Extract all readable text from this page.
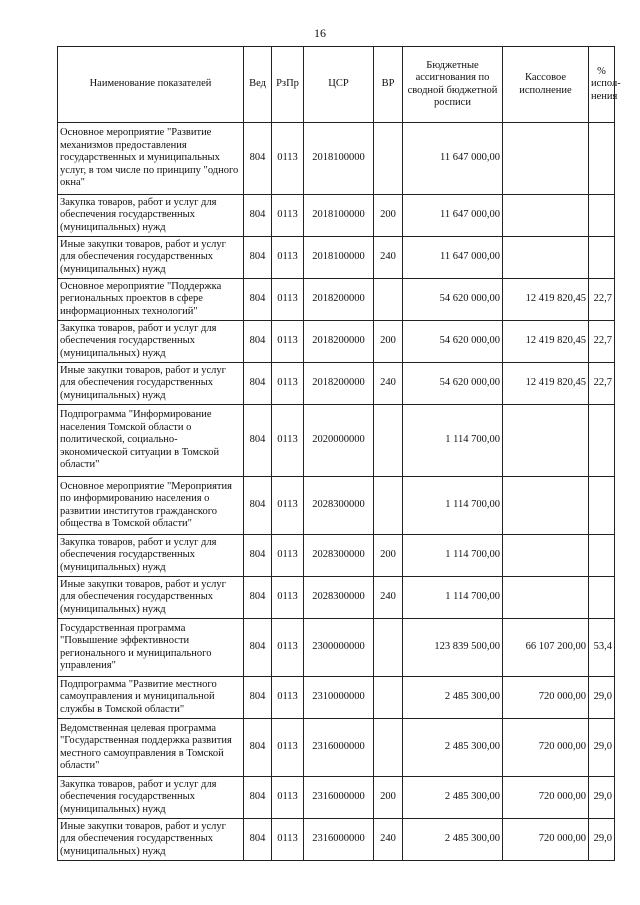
16
Наименование показателей	Вед	РзПр	ЦСР	ВР	Бюджетные ассигнования по сводной бюджетной росписи	Кассовое исполнение	% испол-нения
Основное мероприятие "Развитие механизмов предоставления государственных и муниципальных услуг, в том числе по принципу "одного окна"	804	0113	2018100000		11 647 000,00		
Закупка товаров, работ и услуг для обеспечения государственных (муниципальных) нужд	804	0113	2018100000	200	11 647 000,00		
Иные закупки товаров, работ и услуг для обеспечения государственных (муниципальных) нужд	804	0113	2018100000	240	11 647 000,00		
Основное мероприятие "Поддержка региональных проектов в сфере информационных технологий"	804	0113	2018200000		54 620 000,00	12 419 820,45	22,7
Закупка товаров, работ и услуг для обеспечения государственных (муниципальных) нужд	804	0113	2018200000	200	54 620 000,00	12 419 820,45	22,7
Иные закупки товаров, работ и услуг для обеспечения государственных (муниципальных) нужд	804	0113	2018200000	240	54 620 000,00	12 419 820,45	22,7
Подпрограмма "Информирование населения Томской области о политической, социально-экономической ситуации в Томской области"	804	0113	2020000000		1 114 700,00		
Основное мероприятие "Мероприятия по информированию населения о развитии институтов гражданского общества в Томской области"	804	0113	2028300000		1 114 700,00		
Закупка товаров, работ и услуг для обеспечения государственных (муниципальных) нужд	804	0113	2028300000	200	1 114 700,00		
Иные закупки товаров, работ и услуг для обеспечения государственных (муниципальных) нужд	804	0113	2028300000	240	1 114 700,00		
Государственная программа "Повышение эффективности регионального и муниципального управления"	804	0113	2300000000		123 839 500,00	66 107 200,00	53,4
Подпрограмма "Развитие местного самоуправления и муниципальной службы в Томской области"	804	0113	2310000000		2 485 300,00	720 000,00	29,0
Ведомственная целевая программа "Государственная поддержка развития местного самоуправления в Томской области"	804	0113	2316000000		2 485 300,00	720 000,00	29,0
Закупка товаров, работ и услуг для обеспечения государственных (муниципальных) нужд	804	0113	2316000000	200	2 485 300,00	720 000,00	29,0
Иные закупки товаров, работ и услуг для обеспечения государственных (муниципальных) нужд	804	0113	2316000000	240	2 485 300,00	720 000,00	29,0
